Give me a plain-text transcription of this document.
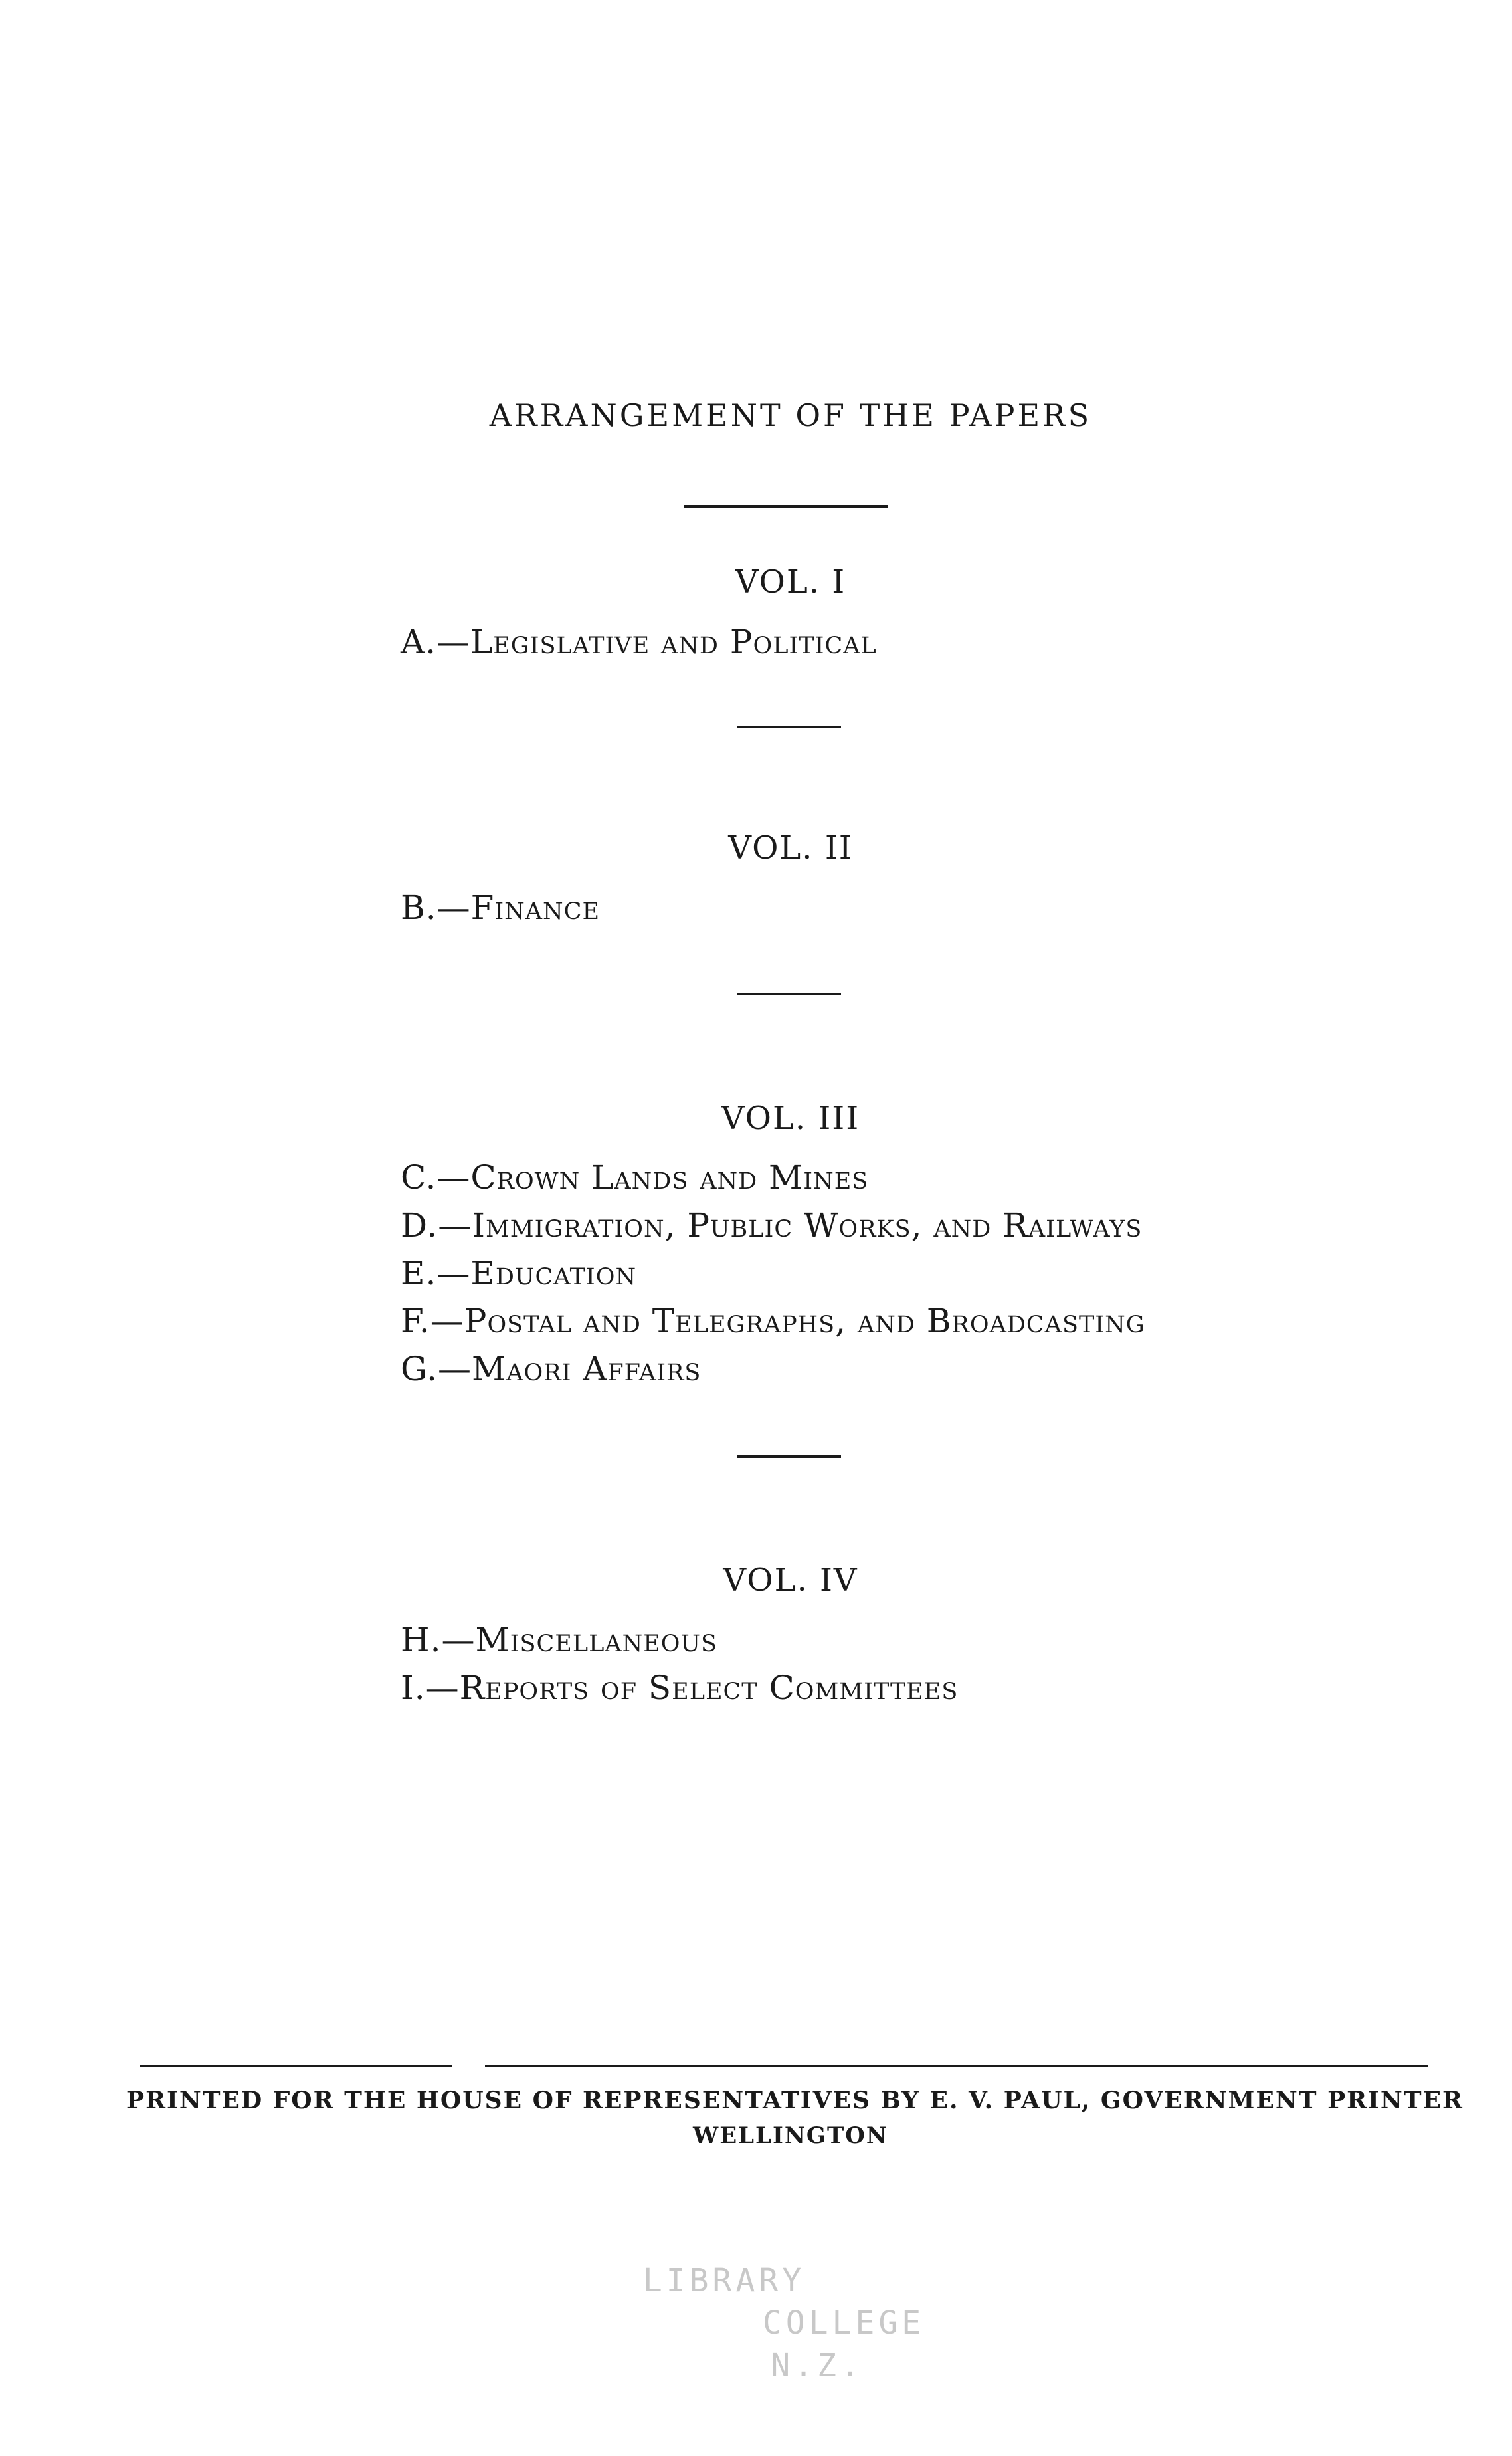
ARRANGEMENT OF THE PAPERS
VOL. I
A.—Legislative and Political
VOL. II
B.—Finance
VOL. III
C.—Crown Lands and Mines
D.—Immigration, Public Works, and Railways
E.—Education
F.—Postal and Telegraphs, and Broadcasting
G.—Maori Affairs
VOL. IV
H.—Miscellaneous
I.—Reports of Select Committees
PRINTED FOR THE HOUSE OF REPRESENTATIVES BY E. V. PAUL, GOVERNMENT PRINTER
WELLINGTON
LIBRARY
COLLEGE
N.Z.
